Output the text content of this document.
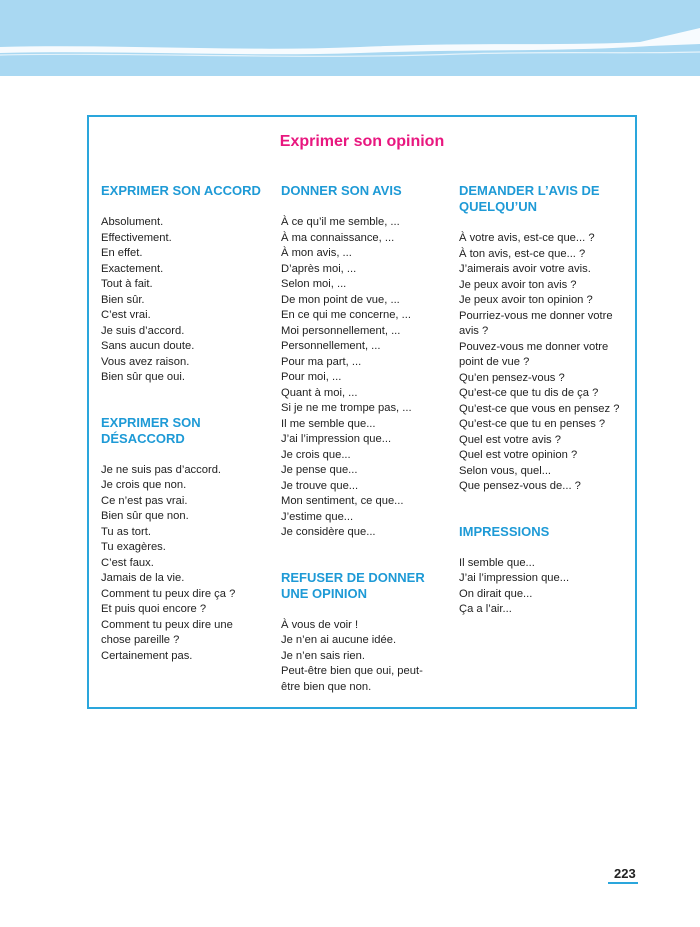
Exprimer son opinion
EXPRIMER SON ACCORD
Absolument.
Effectivement.
En effet.
Exactement.
Tout à fait.
Bien sûr.
C’est vrai.
Je suis d’accord.
Sans aucun doute.
Vous avez raison.
Bien sûr que oui.
EXPRIMER SON
DÉSACCORD
Je ne suis pas d’accord.
Je crois que non.
Ce n’est pas vrai.
Bien sûr que non.
Tu as tort.
Tu exagères.
C’est faux.
Jamais de la vie.
Comment tu peux dire ça ?
Et puis quoi encore ?
Comment tu peux dire une
chose pareille ?
Certainement pas.
DONNER SON AVIS
À ce qu’il me semble, ...
À ma connaissance, ...
À mon avis, ...
D’après moi, ...
Selon moi, ...
De mon point de vue, ...
En ce qui me concerne, ...
Moi personnellement, ...
Personnellement, ...
Pour ma part, ...
Pour moi, ...
Quant à moi, ...
Si je ne me trompe pas, ...
Il me semble que...
J’ai l’impression que...
Je crois que...
Je pense que...
Je trouve que...
Mon sentiment, ce que...
J’estime que...
Je considère que...
REFUSER DE DONNER
UNE OPINION
À vous de voir !
Je n’en ai aucune idée.
Je n’en sais rien.
Peut-être bien que oui, peut-
être bien que non.
DEMANDER L’AVIS DE
QUELQU’UN
À votre avis, est-ce que... ?
À ton avis, est-ce que... ?
J’aimerais avoir votre avis.
Je peux avoir ton avis ?
Je peux avoir ton opinion ?
Pourriez-vous me donner votre
avis ?
Pouvez-vous me donner votre
point de vue ?
Qu’en pensez-vous ?
Qu’est-ce que tu dis de ça ?
Qu’est-ce que vous en pensez ?
Qu’est-ce que tu en penses ?
Quel est votre avis ?
Quel est votre opinion ?
Selon vous, quel...
Que pensez-vous de... ?
IMPRESSIONS
Il semble que...
J’ai l’impression que...
On dirait que...
Ça a l’air...
223
